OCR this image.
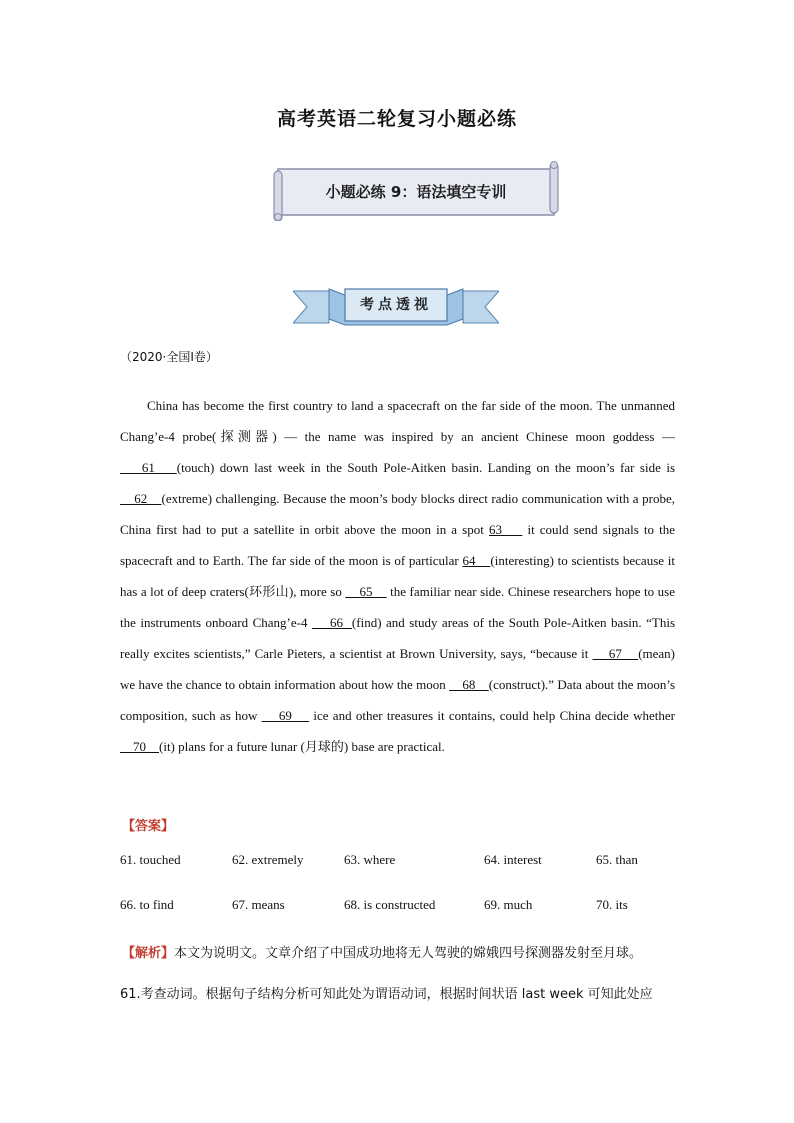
高考英语二轮复习小题必练
小题必练 9：语法填空专训
考点透视
（2020·全国Ⅰ卷）
China has become the first country to land a spacecraft on the far side of the moon. The unmanned Chang’e-4 probe(探测器) — the name was inspired by an ancient Chinese moon goddess —     61    (touch) down last week in the South Pole-Aitken basin. Landing on the moon’s far side is     62    (extreme) challenging. Because the moon’s body blocks direct radio communication with a probe, China first had to put a satellite in orbit above the moon in a spot 63     it could send signals to the spacecraft and to Earth. The far side of the moon is of particular 64    (interesting) to scientists because it has a lot of deep craters(环形山), more so     65     the familiar near side. Chinese researchers hope to use the instruments onboard Chang’e-4     66  (find) and study areas of the South Pole-Aitken basin. “This really excites scientists,” Carle Pieters, a scientist at Brown University, says, “because it     67    (mean) we have the chance to obtain information about how the moon     68    (construct).” Data about the moon’s composition, such as how     69     ice and other treasures it contains, could help China decide whether     70    (it) plans for a future lunar (月球的) base are practical.
【答案】
61. touched	62. extremely	63. where	64. interest	65. than
66. to find	67. means	68. is constructed	69. much	70. its
【解析】本文为说明文。文章介绍了中国成功地将无人驾驶的嫦娥四号探测器发射至月球。
61.考查动词。根据句子结构分析可知此处为谓语动词，根据时间状语 last week 可知此处应
